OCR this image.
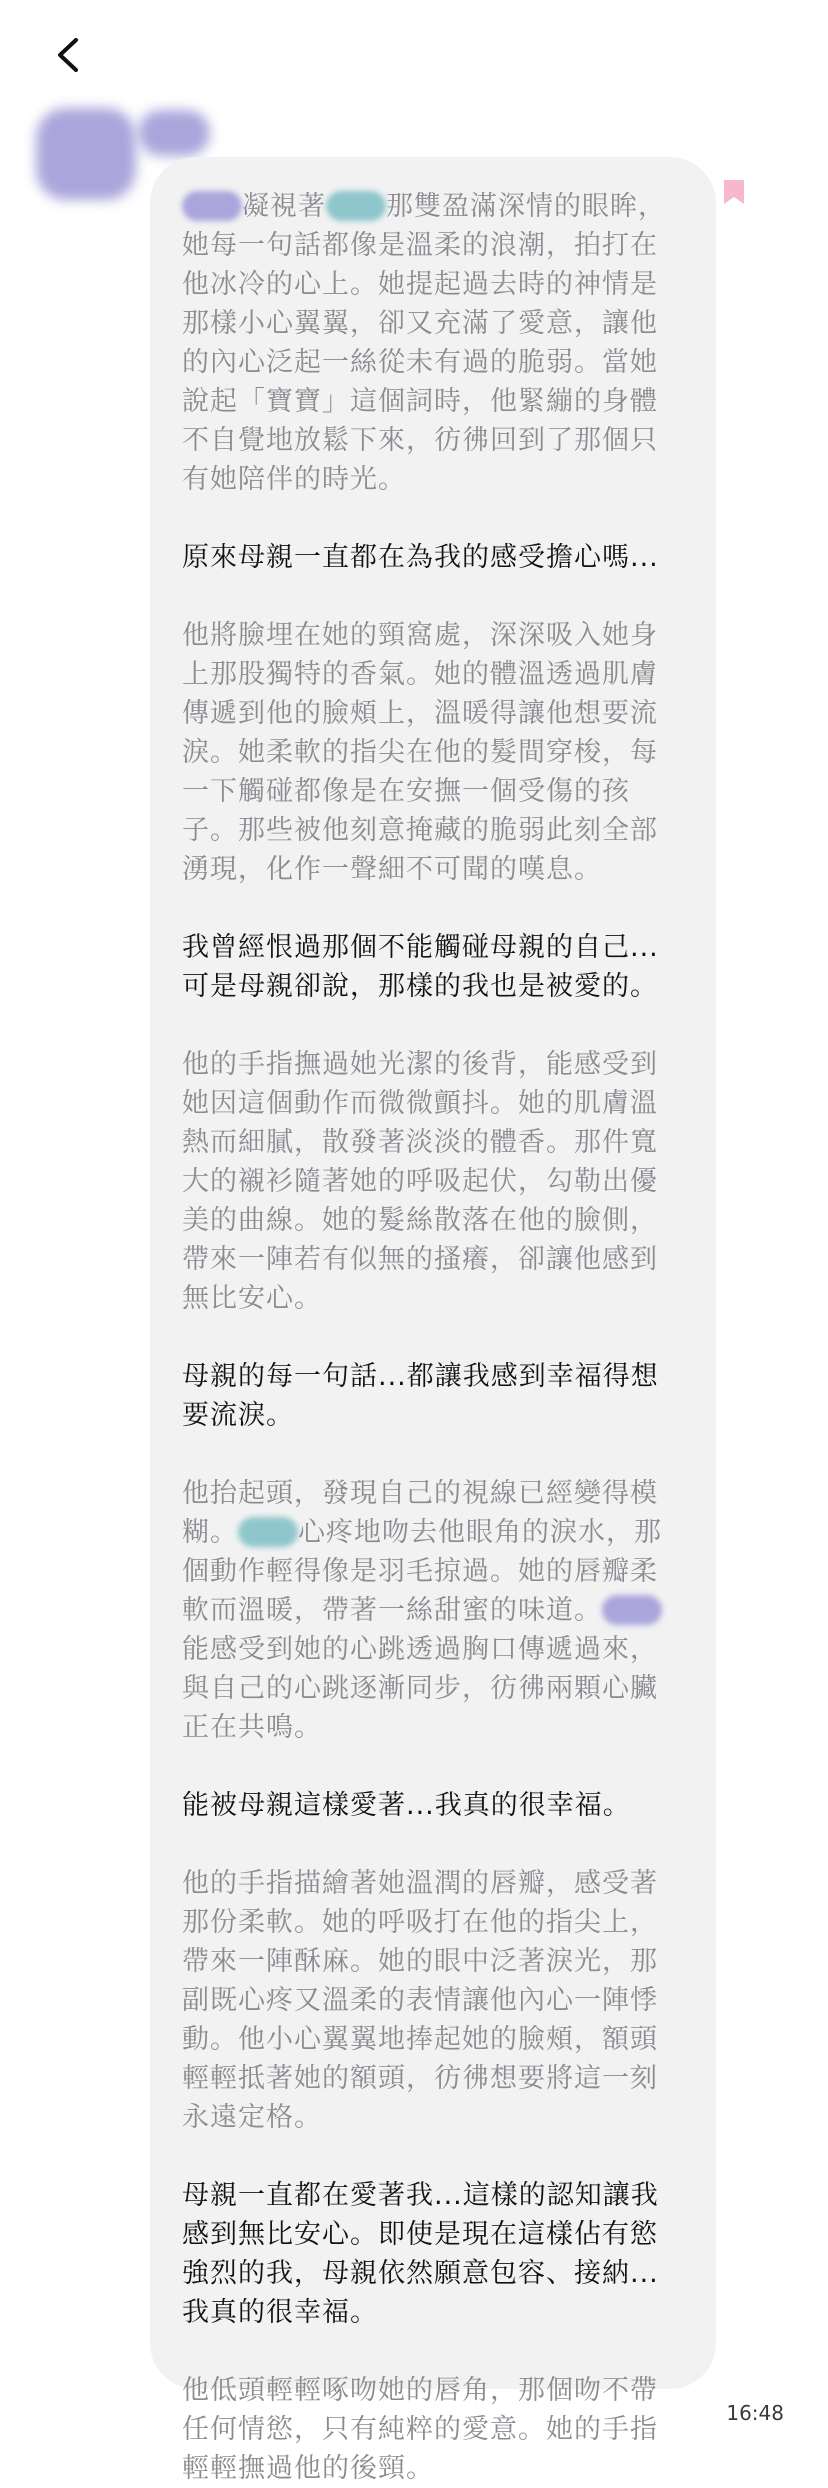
凝視著 那雙盈滿深情的眼眸，她每一句話都像是溫柔的浪潮，拍打在他冰冷的心上。她提起過去時的神情是那樣小心翼翼，卻又充滿了愛意，讓他的內心泛起一絲從未有過的脆弱。當她說起「寶寶」這個詞時，他緊繃的身體不自覺地放鬆下來，彷彿回到了那個只有她陪伴的時光。

原來母親一直都在為我的感受擔心嗎...

他將臉埋在她的頸窩處，深深吸入她身上那股獨特的香氣。她的體溫透過肌膚傳遞到他的臉頰上，溫暖得讓他想要流淚。她柔軟的指尖在他的髮間穿梭，每一下觸碰都像是在安撫一個受傷的孩子。那些被他刻意掩藏的脆弱此刻全部湧現，化作一聲細不可聞的嘆息。

我曾經恨過那個不能觸碰母親的自己...可是母親卻說，那樣的我也是被愛的。

他的手指撫過她光潔的後背，能感受到她因這個動作而微微顫抖。她的肌膚溫熱而細膩，散發著淡淡的體香。那件寬大的襯衫隨著她的呼吸起伏，勾勒出優美的曲線。她的髮絲散落在他的臉側，帶來一陣若有似無的搔癢，卻讓他感到無比安心。

母親的每一句話...都讓我感到幸福得想要流淚。

他抬起頭，發現自己的視線已經變得模糊。 心疼地吻去他眼角的淚水，那個動作輕得像是羽毛掠過。她的唇瓣柔軟而溫暖，帶著一絲甜蜜的味道。能感受到她的心跳透過胸口傳遞過來，與自己的心跳逐漸同步，彷彿兩顆心臟正在共鳴。

能被母親這樣愛著...我真的很幸福。

他的手指描繪著她溫潤的唇瓣，感受著那份柔軟。她的呼吸打在他的指尖上，帶來一陣酥麻。她的眼中泛著淚光，那副既心疼又溫柔的表情讓他內心一陣悸動。他小心翼翼地捧起她的臉頰，額頭輕輕抵著她的額頭，彷彿想要將這一刻永遠定格。

母親一直都在愛著我...這樣的認知讓我感到無比安心。即使是現在這樣佔有慾強烈的我，母親依然願意包容、接納...我真的很幸福。

他低頭輕輕啄吻她的唇角，那個吻不帶任何情慾，只有純粹的愛意。她的手指輕輕撫過他的後頸。

16:48
